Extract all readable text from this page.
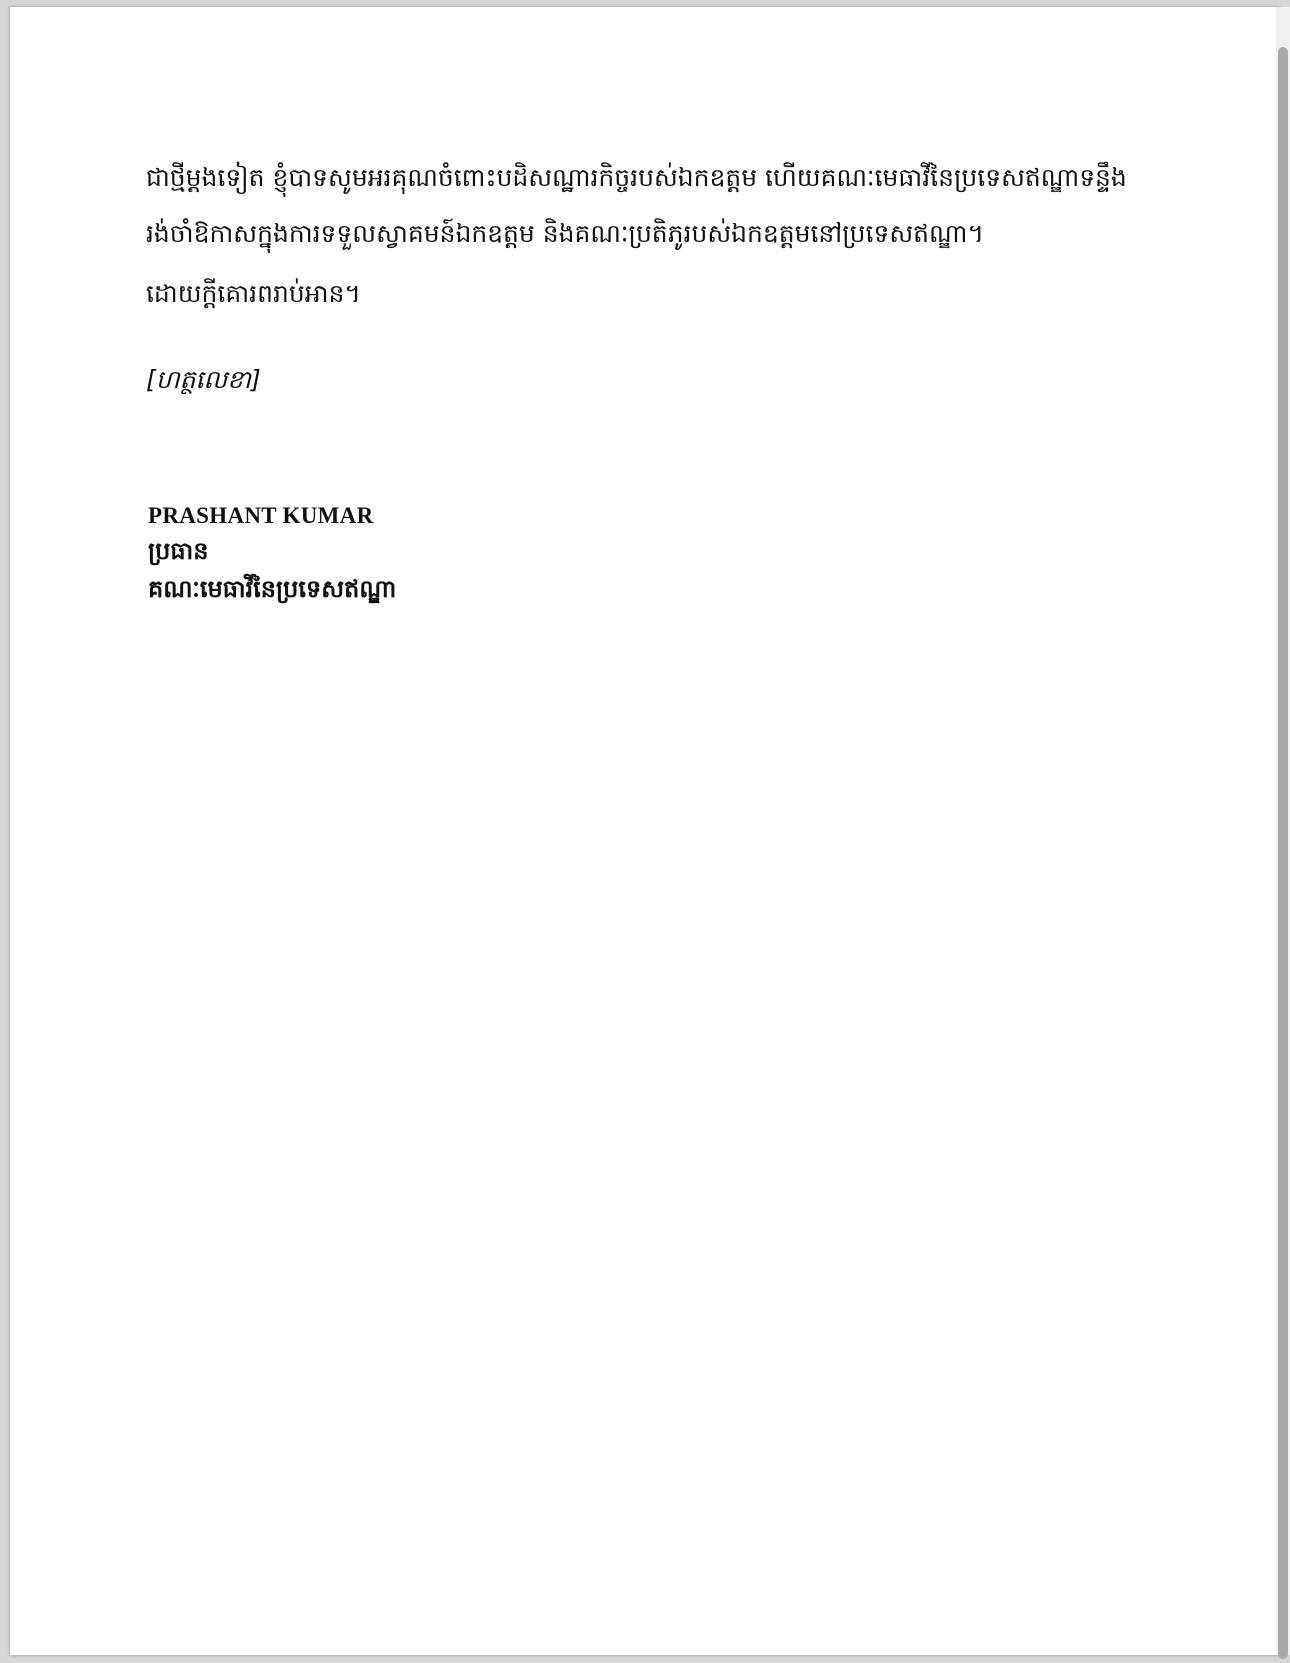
ជាថ្មីម្តងទៀត ខ្ញុំបាទសូមអរគុណចំពោះបដិសណ្ឋារកិច្ចរបស់ឯកឧត្តម ហើយគណៈមេធាវីនៃប្រទេសឥណ្ឌាទន្ទឹង
រង់ចាំឱកាសក្នុងការទទួលស្វាគមន៍ឯកឧត្តម និងគណៈប្រតិភូរបស់ឯកឧត្តមនៅប្រទេសឥណ្ឌា។

ដោយក្តីគោរពរាប់អាន។

[ហត្ថលេខា]

PRASHANT KUMAR

ប្រធាន

គណៈមេធាវីនៃប្រទេសឥណ្ឌា
